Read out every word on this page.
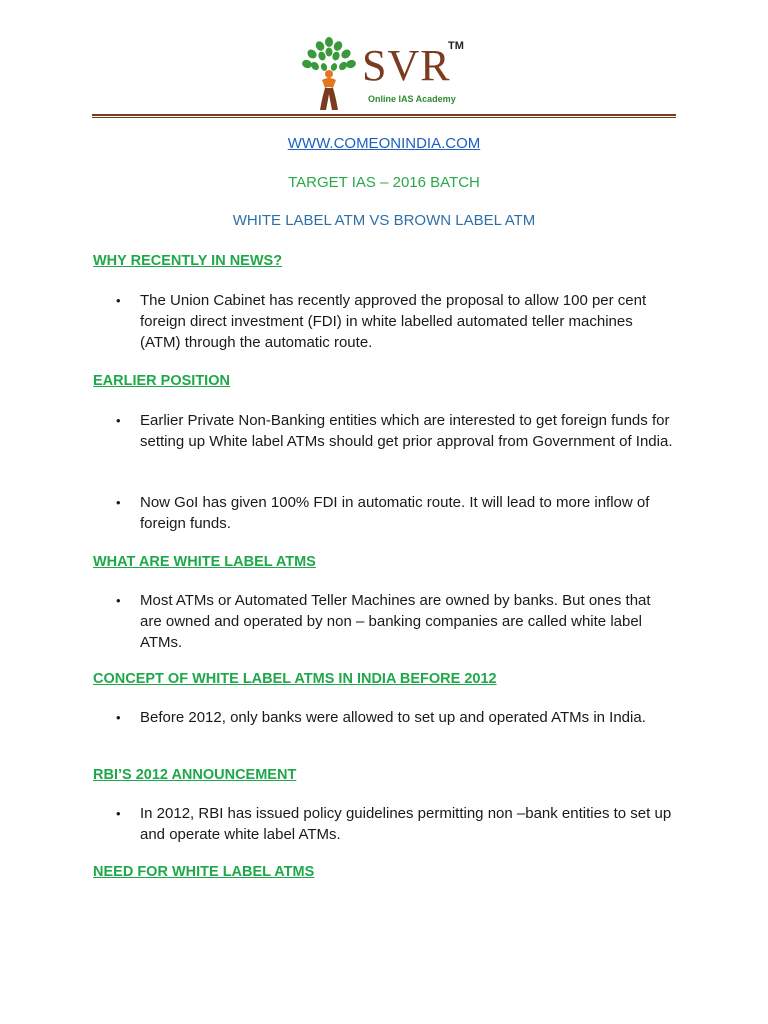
SVR
TM
Online IAS Academy
WWW.COMEONINDIA.COM
TARGET IAS – 2016 BATCH
WHITE LABEL ATM VS BROWN LABEL ATM
WHY RECENTLY IN NEWS?
• The Union Cabinet has recently approved the proposal to allow 100 per cent foreign direct investment (FDI) in white labelled automated teller machines (ATM) through the automatic route.
EARLIER POSITION
• Earlier Private Non-Banking entities which are interested to get foreign funds for setting up White label ATMs should get prior approval from Government of India.
• Now GoI has given 100% FDI in automatic route. It will lead to more inflow of foreign funds.
WHAT ARE WHITE LABEL ATMS
• Most ATMs or Automated Teller Machines are owned by banks. But ones that are owned and operated by non – banking companies are called white label ATMs.
CONCEPT OF WHITE LABEL ATMS IN INDIA BEFORE 2012
• Before 2012, only banks were allowed to set up and operated ATMs in India.
RBI’S 2012 ANNOUNCEMENT
• In 2012, RBI has issued policy guidelines permitting non –bank entities to set up and operate white label ATMs.
NEED FOR WHITE LABEL ATMS
